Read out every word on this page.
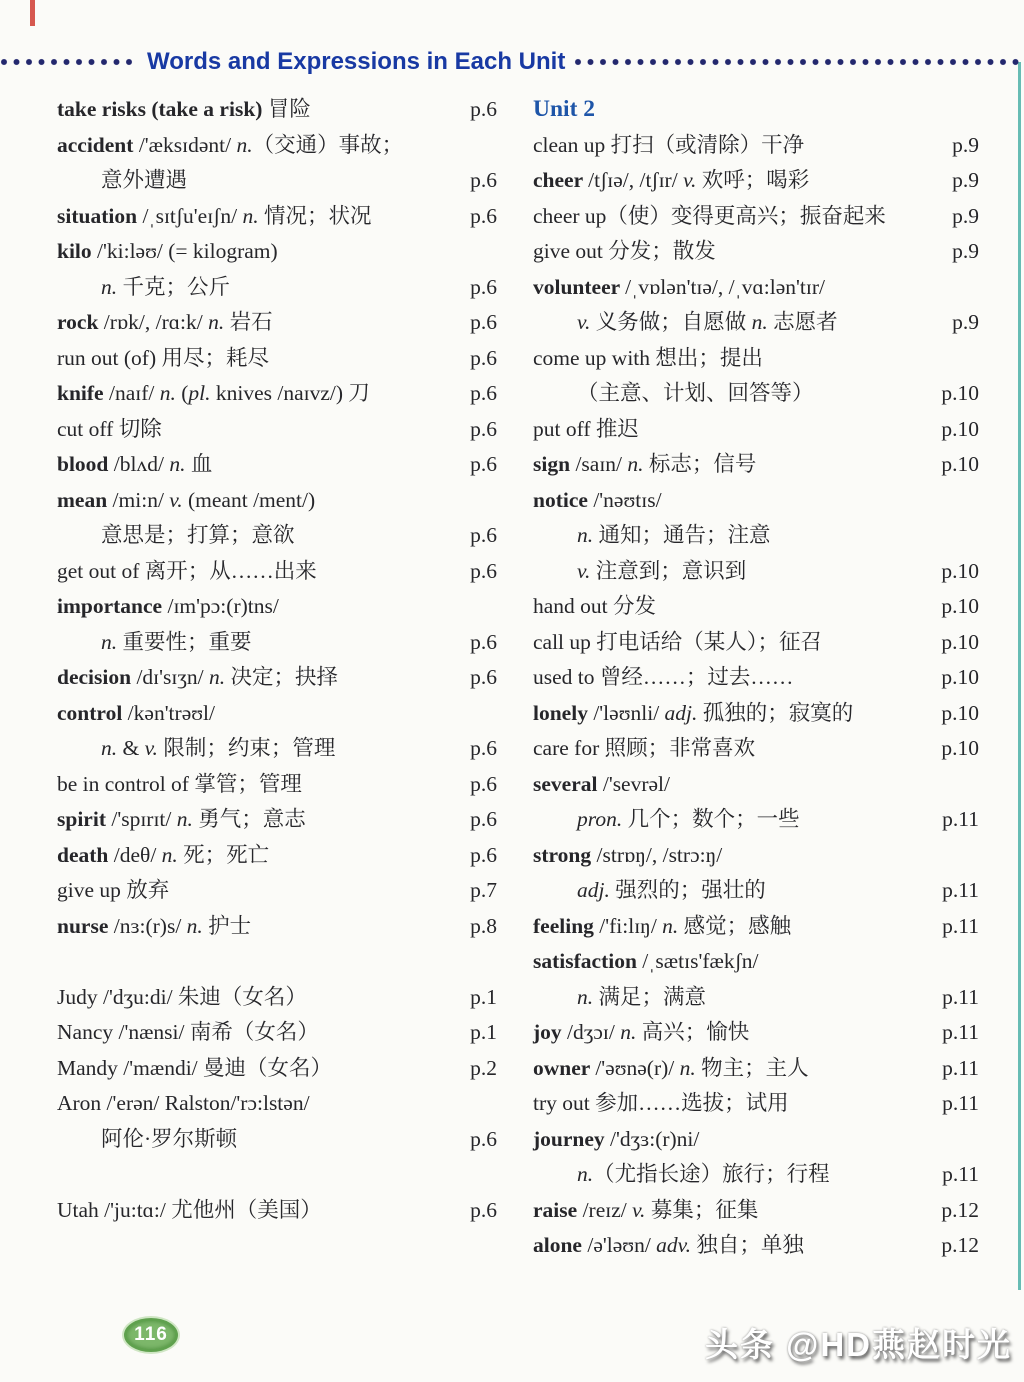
Words and Expressions in Each Unit
take risks (take a risk) 冒险	p.6
accident /'æksɪdənt/ n.（交通）事故；
意外遭遇	p.6
situation /ˌsɪtʃu'eɪʃn/ n. 情况；状况	p.6
kilo /'ki:ləʊ/ (= kilogram)
n. 千克；公斤	p.6
rock /rɒk/, /rɑ:k/ n. 岩石	p.6
run out (of) 用尽；耗尽	p.6
knife /naɪf/ n. (pl. knives /naɪvz/) 刀	p.6
cut off 切除	p.6
blood /blʌd/ n. 血	p.6
mean /mi:n/ v. (meant /ment/)
意思是；打算；意欲	p.6
get out of 离开；从……出来	p.6
importance /ɪm'pɔ:(r)tns/
n. 重要性；重要	p.6
decision /dɪ'sɪʒn/ n. 决定；抉择	p.6
control /kən'trəʊl/
n. & v. 限制；约束；管理	p.6
be in control of 掌管；管理	p.6
spirit /'spɪrɪt/ n. 勇气；意志	p.6
death /deθ/ n. 死；死亡	p.6
give up 放弃	p.7
nurse /nɜ:(r)s/ n. 护士	p.8
Judy /'dʒu:di/ 朱迪（女名）	p.1
Nancy /'nænsi/ 南希（女名）	p.1
Mandy /'mændi/ 曼迪（女名）	p.2
Aron /'erən/ Ralston/'rɔ:lstən/
阿伦·罗尔斯顿	p.6
Utah /'ju:tɑ:/ 尤他州（美国）	p.6
Unit 2
clean up 打扫（或清除）干净	p.9
cheer /tʃɪə/, /tʃɪr/ v. 欢呼；喝彩	p.9
cheer up（使）变得更高兴；振奋起来	p.9
give out 分发；散发	p.9
volunteer /ˌvɒlən'tɪə/, /ˌvɑ:lən'tɪr/
v. 义务做；自愿做 n. 志愿者	p.9
come up with 想出；提出
（主意、计划、回答等）	p.10
put off 推迟	p.10
sign /saɪn/ n. 标志；信号	p.10
notice /'nəʊtɪs/
n. 通知；通告；注意
v. 注意到；意识到	p.10
hand out 分发	p.10
call up 打电话给（某人）；征召	p.10
used to 曾经……；过去……	p.10
lonely /'ləʊnli/ adj. 孤独的；寂寞的	p.10
care for 照顾；非常喜欢	p.10
several /'sevrəl/
pron. 几个；数个；一些	p.11
strong /strɒŋ/, /strɔ:ŋ/
adj. 强烈的；强壮的	p.11
feeling /'fi:lɪŋ/ n. 感觉；感触	p.11
satisfaction /ˌsætɪs'fækʃn/
n. 满足；满意	p.11
joy /dʒɔɪ/ n. 高兴；愉快	p.11
owner /'əʊnə(r)/ n. 物主；主人	p.11
try out 参加……选拔；试用	p.11
journey /'dʒɜ:(r)ni/
n.（尤指长途）旅行；行程	p.11
raise /reɪz/ v. 募集；征集	p.12
alone /ə'ləʊn/ adv. 独自；单独	p.12
116	头条 @HD燕赵时光
